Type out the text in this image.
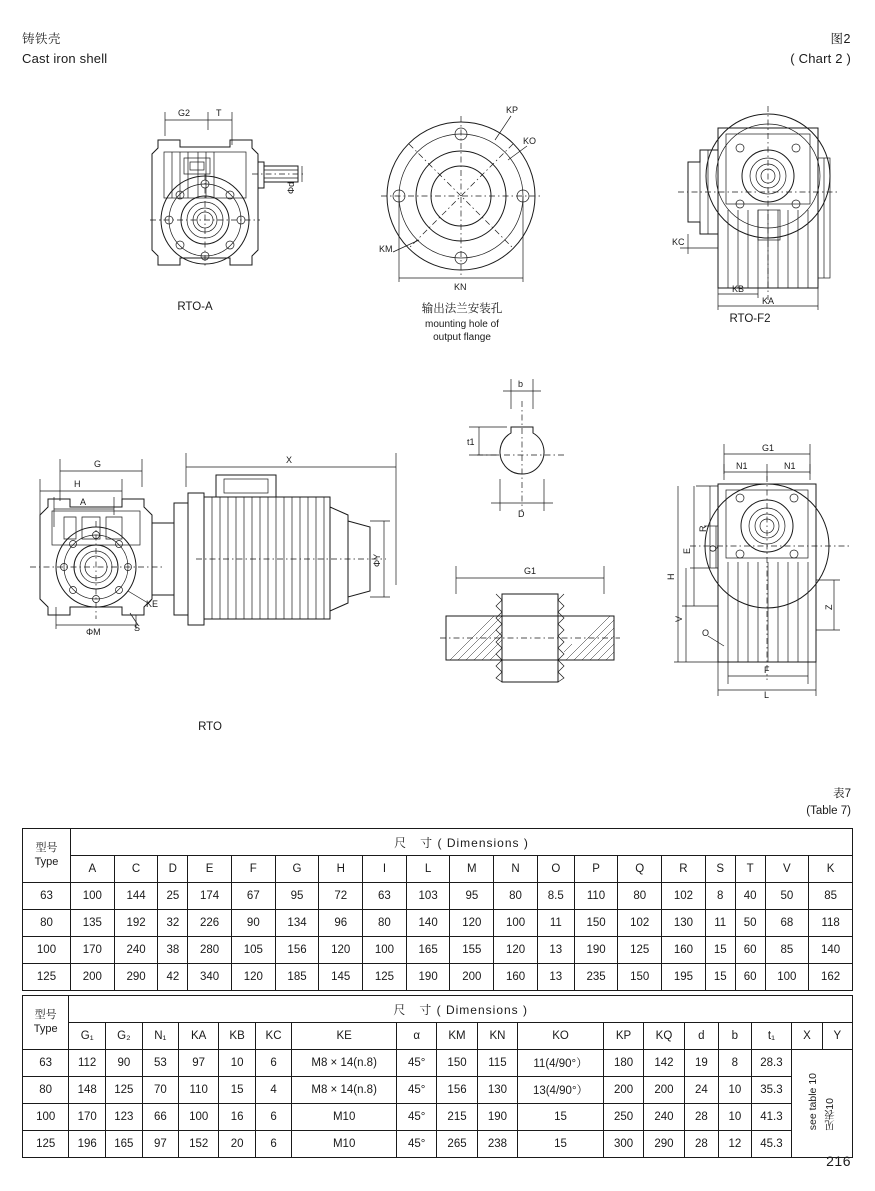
铸铁壳
Cast iron shell
图2
( Chart 2 )
G2	T
Φd
RTO-A
KP
KO
KM
KN
输出法兰安装孔
mounting hole of
output flange
KC
KB
KA
RTO-F2
X
G
H
A
ΦY
KE
S
ΦM
RTO
b
t1
D
G1
G1
N1	N1
R
Q
E
V
H
Z
O
F
L
表7
(Table 7)
型号
Type	尺　寸 ( Dimensions )																		
	A	C	D	E	F	G	H	I	L	M	N	O	P	Q	R	S	T	V	K
63	100	144	25	174	67	95	72	63	103	95	80	8.5	110	80	102	8	40	50	85
80	135	192	32	226	90	134	96	80	140	120	100	11	150	102	130	11	50	68	118
100	170	240	38	280	105	156	120	100	165	155	120	13	190	125	160	15	60	85	140
125	200	290	42	340	120	185	145	125	190	200	160	13	235	150	195	15	60	100	162
型号
Type	尺　寸 ( Dimensions )																	
	G₁	G₂	N₁	KA	KB	KC	KE	α	KM	KN	KO	KP	KQ	d	b	t₁	X	Y
63	112	90	53	97	10	6	M8 × 14(n.8)	45°	150	115	11(4/90°）	180	142	19	8	28.3	see table 10 见表10	
80	148	125	70	110	15	4	M8 × 14(n.8)	45°	156	130	13(4/90°）	200	200	24	10	35.3		
100	170	123	66	100	16	6	M10	45°	215	190	15	250	240	28	10	41.3		
125	196	165	97	152	20	6	M10	45°	265	238	15	300	290	28	12	45.3		
216
